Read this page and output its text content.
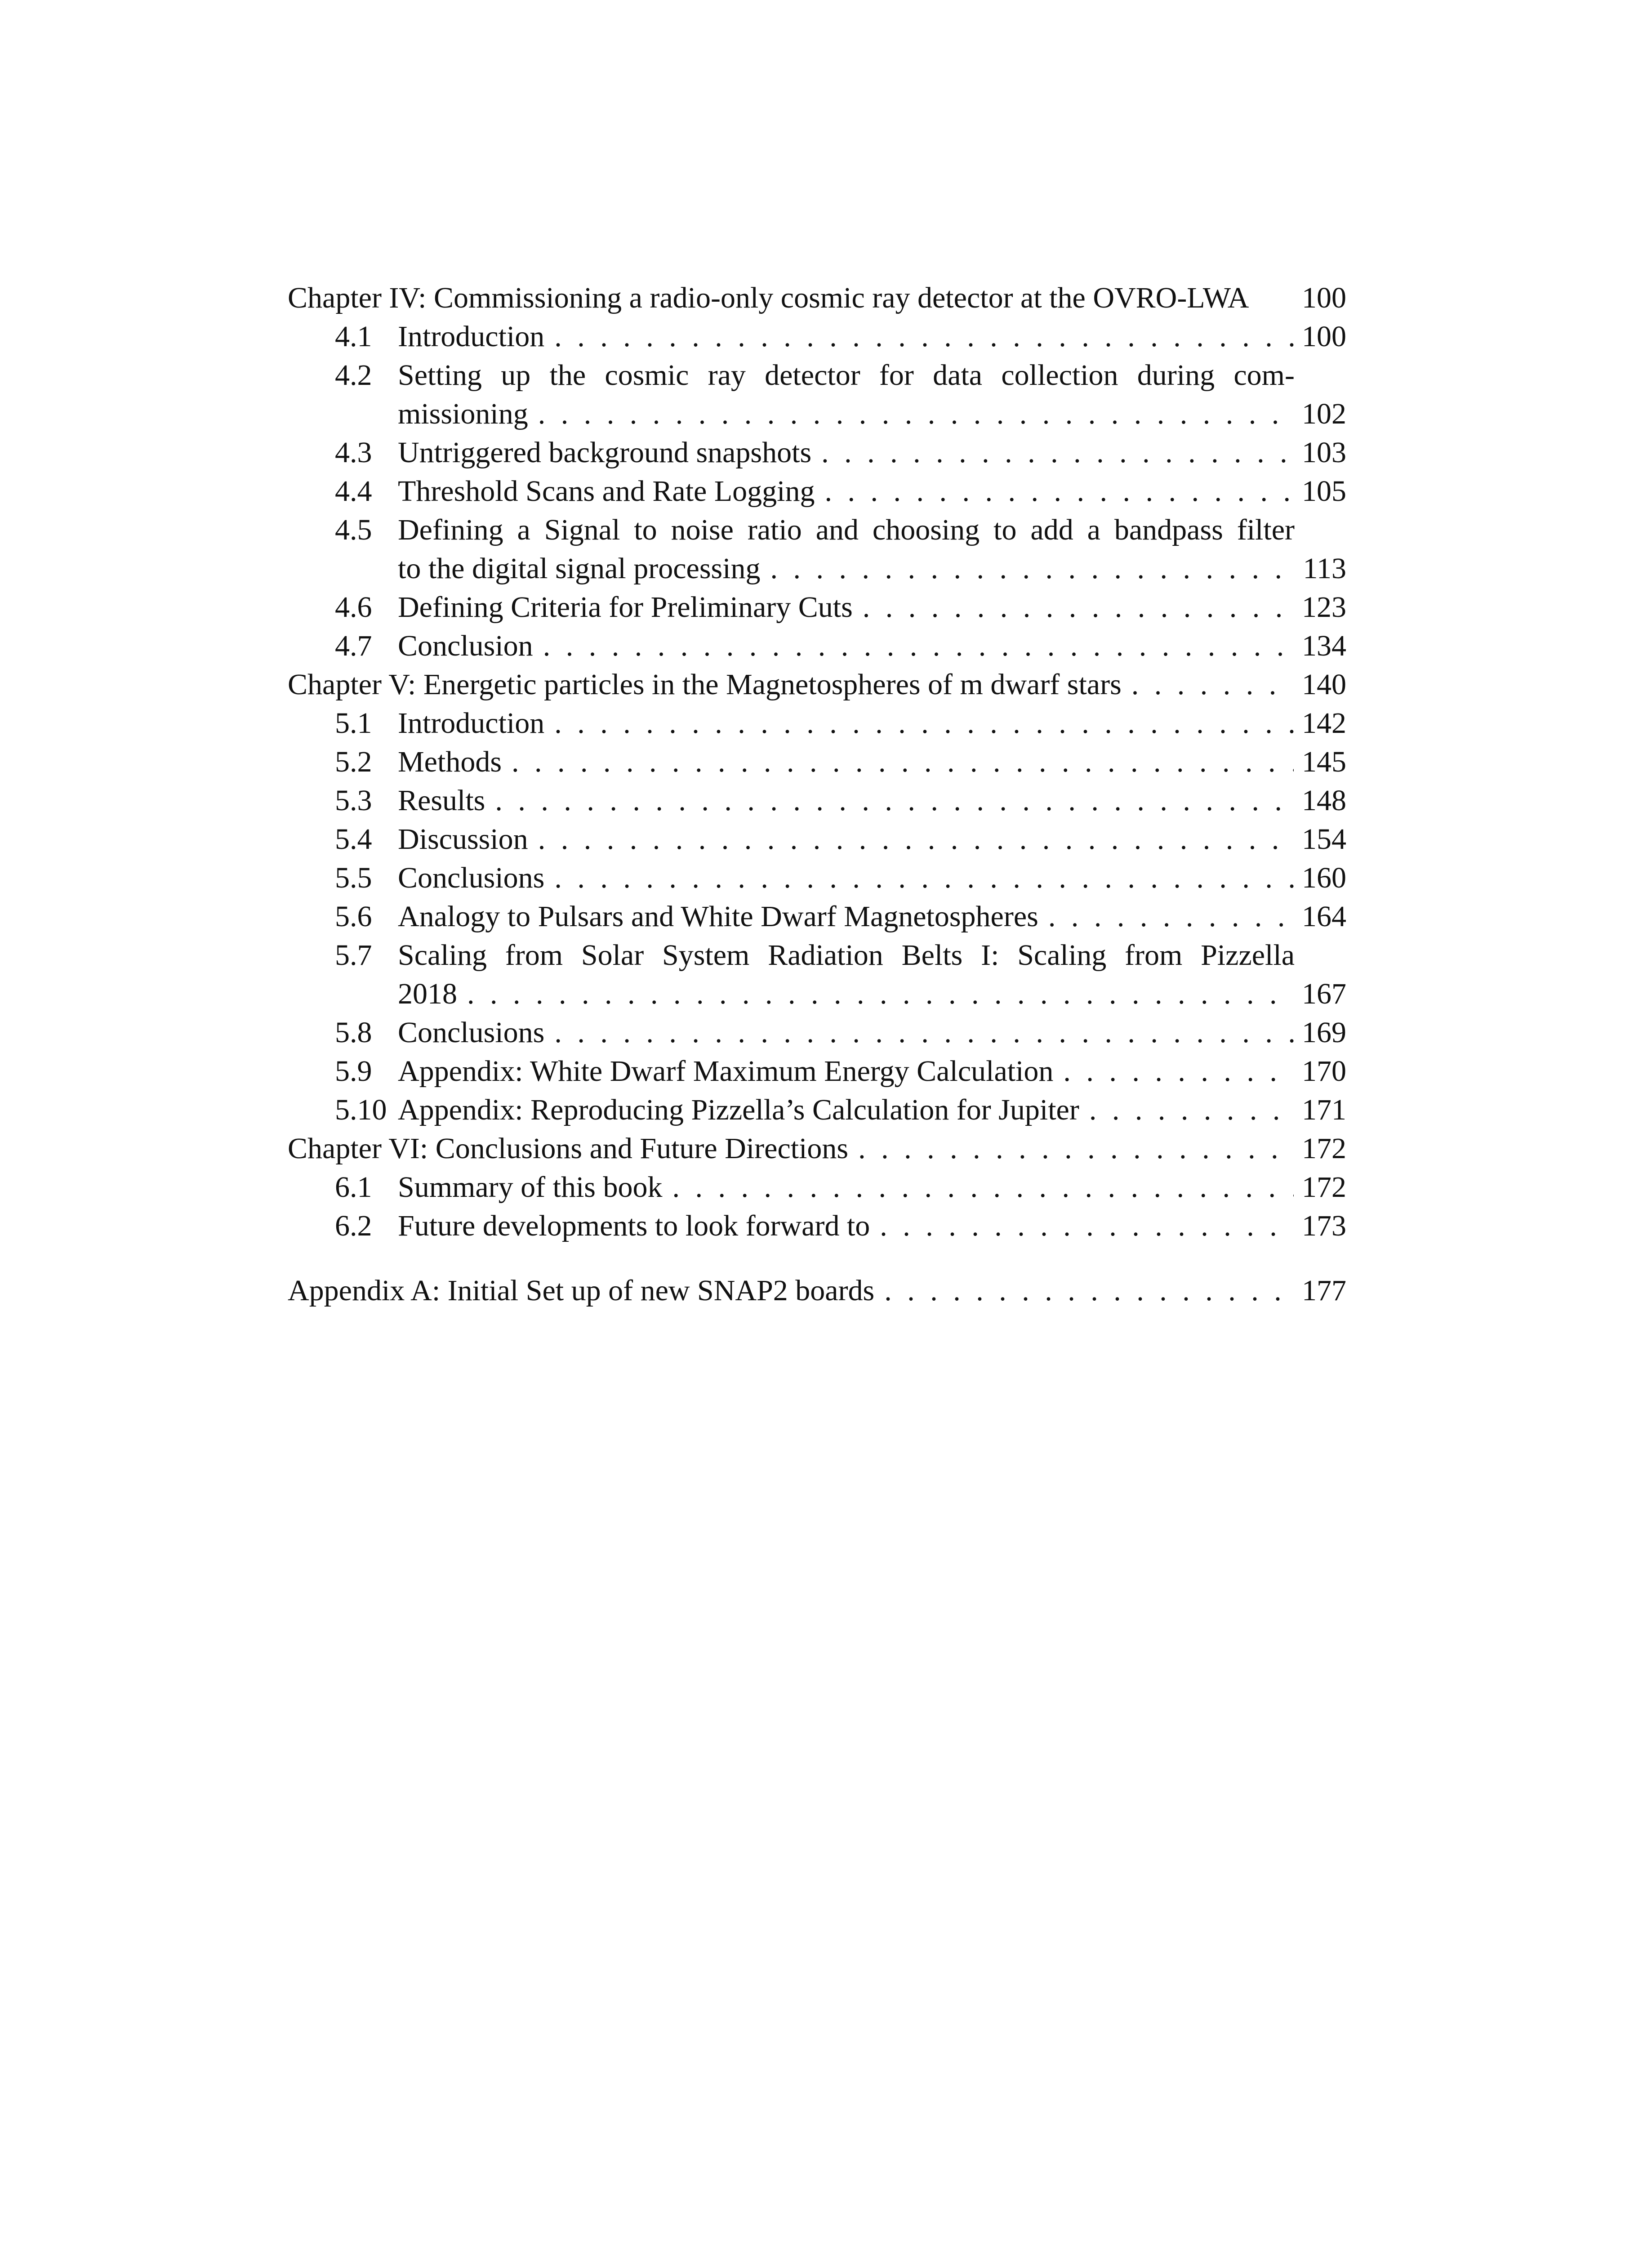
Chapter IV: Commissioning a radio-only cosmic ray detector at the OVRO-LWA	100
4.1 Introduction . . .	100
4.2 Setting up the cosmic ray detector for data collection during com-
missioning . . .	102
4.3 Untriggered background snapshots . . .	103
4.4 Threshold Scans and Rate Logging . . .	105
4.5 Defining a Signal to noise ratio and choosing to add a bandpass filter
to the digital signal processing . . .	113
4.6 Defining Criteria for Preliminary Cuts . . .	123
4.7 Conclusion . . .	134
Chapter V: Energetic particles in the Magnetospheres of m dwarf stars . . .	140
5.1 Introduction . . .	142
5.2 Methods . . .	145
5.3 Results . . .	148
5.4 Discussion . . .	154
5.5 Conclusions . . .	160
5.6 Analogy to Pulsars and White Dwarf Magnetospheres . . .	164
5.7 Scaling from Solar System Radiation Belts I: Scaling from Pizzella
2018 . . .	167
5.8 Conclusions . . .	169
5.9 Appendix: White Dwarf Maximum Energy Calculation . . .	170
5.10 Appendix: Reproducing Pizzella’s Calculation for Jupiter . . .	171
Chapter VI: Conclusions and Future Directions . . .	172
6.1 Summary of this book . . .	172
6.2 Future developments to look forward to . . .	173
Appendix A: Initial Set up of new SNAP2 boards . . .	177
